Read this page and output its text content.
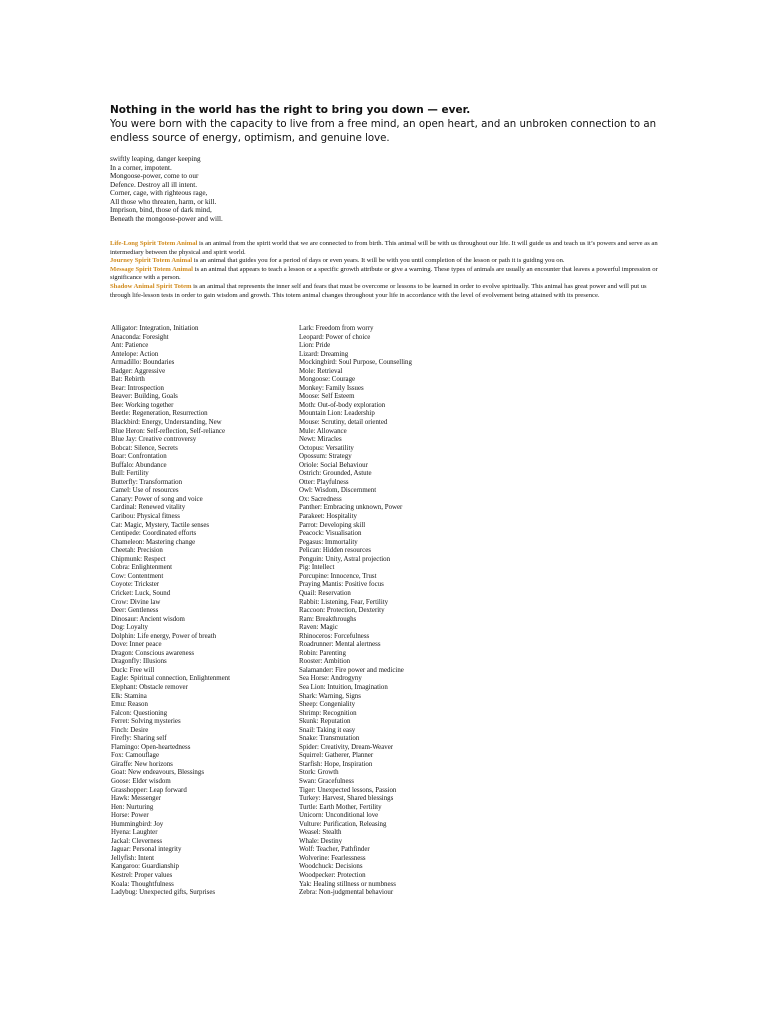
Nothing in the world has the right to bring you down — ever.

You were born with the capacity to live from a free mind, an open heart, and an unbroken connection to an endless source of energy, optimism, and genuine love.

swiftly leaping, danger keeping
In a corner, impotent.
Mongoose-power, come to our
Defence. Destroy all ill intent.
Corner, cage, with righteous rage,
All those who threaten, harm, or kill.
Imprison, bind, those of dark mind,
Beneath the mongoose-power and will.

Life-Long Spirit Totem Animal is an animal from the spirit world that we are connected to from birth. This animal will be with us throughout our life. It will guide us and teach us it’s powers and serve as an intermediary between the physical and spirit world.

Journey Spirit Totem Animal is an animal that guides you for a period of days or even years. It will be with you until completion of the lesson or path it is guiding you on.

Message Spirit Totem Animal is an animal that appears to teach a lesson or a specific growth attribute or give a warning. These types of animals are usually an encounter that leaves a powerful impression or significance with a person.

Shadow Animal Spirit Totem is an animal that represents the inner self and fears that must be overcome or lessons to be learned in order to evolve spiritually. This animal has great power and will put us through life-lesson tests in order to gain wisdom and growth. This totem animal changes throughout your life in accordance with the level of evolvement being attained with its presence.

Alligator: Integration, Initiation
Anaconda: Foresight
Ant: Patience
Antelope: Action
Armadillo: Boundaries
Badger: Aggressive
Bat: Rebirth
Bear: Introspection
Beaver: Building, Goals
Bee: Working together
Beetle: Regeneration, Resurrection
Blackbird: Energy, Understanding, New
Blue Heron: Self-reflection, Self-reliance
Blue Jay: Creative controversy
Bobcat: Silence, Secrets
Boar: Confrontation
Buffalo: Abundance
Bull: Fertility
Butterfly: Transformation
Camel: Use of resources
Canary: Power of song and voice
Cardinal: Renewed vitality
Caribou: Physical fitness
Cat: Magic, Mystery, Tactile senses
Centipede: Coordinated efforts
Chameleon: Mastering change
Cheetah: Precision
Chipmunk: Respect
Cobra: Enlightenment
Cow: Contentment
Coyote: Trickster
Cricket: Luck, Sound
Crow: Divine law
Deer: Gentleness
Dinosaur: Ancient wisdom
Dog: Loyalty
Dolphin: Life energy, Power of breath
Dove: Inner peace
Dragon: Conscious awareness
Dragonfly: Illusions
Duck: Free will
Eagle: Spiritual connection, Enlightenment
Elephant: Obstacle remover
Elk: Stamina
Emu: Reason
Falcon: Questioning
Ferret: Solving mysteries
Finch: Desire
Firefly: Sharing self
Flamingo: Open-heartedness
Fox: Camouflage
Giraffe: New horizons
Goat: New endeavours, Blessings
Goose: Elder wisdom
Grasshopper: Leap forward
Hawk: Messenger
Hen: Nurturing
Horse: Power
Hummingbird: Joy
Hyena: Laughter
Jackal: Cleverness
Jaguar: Personal integrity
Jellyfish: Intent
Kangaroo: Guardianship
Kestrel: Proper values
Koala: Thoughtfulness
Ladybug: Unexpected gifts, Surprises
Lark: Freedom from worry
Leopard: Power of choice
Lion: Pride
Lizard: Dreaming
Mockingbird: Soul Purpose, Counselling
Mole: Retrieval
Mongoose: Courage
Monkey: Family Issues
Moose: Self Esteem
Moth: Out-of-body exploration
Mountain Lion: Leadership
Mouse: Scrutiny, detail oriented
Mule: Allowance
Newt: Miracles
Octopus: Versatility
Opossum: Strategy
Oriole: Social Behaviour
Ostrich: Grounded, Astute
Otter: Playfulness
Owl: Wisdom, Discernment
Ox: Sacredness
Panther: Embracing unknown, Power
Parakeet: Hospitality
Parrot: Developing skill
Peacock: Visualisation
Pegasus: Immortality
Pelican: Hidden resources
Penguin: Unity, Astral projection
Pig: Intellect
Porcupine: Innocence, Trust
Praying Mantis: Positive focus
Quail: Reservation
Rabbit: Listening, Fear, Fertility
Raccoon: Protection, Dexterity
Ram: Breakthroughs
Raven: Magic
Rhinoceros: Forcefulness
Roadrunner: Mental alertness
Robin: Parenting
Rooster: Ambition
Salamander: Fire power and medicine
Sea Horse: Androgyny
Sea Lion: Intuition, Imagination
Shark: Warning, Signs
Sheep: Congeniality
Shrimp: Recognition
Skunk: Reputation
Snail: Taking it easy
Snake: Transmutation
Spider: Creativity, Dream-Weaver
Squirrel: Gatherer, Planner
Starfish: Hope, Inspiration
Stork: Growth
Swan: Gracefulness
Tiger: Unexpected lessons, Passion
Turkey: Harvest, Shared blessings
Turtle: Earth Mother, Fertility
Unicorn: Unconditional love
Vulture: Purification, Releasing
Weasel: Stealth
Whale: Destiny
Wolf: Teacher, Pathfinder
Wolverine: Fearlessness
Woodchuck: Decisions
Woodpecker: Protection
Yak: Healing stillness or numbness
Zebra: Non-judgmental behaviour
